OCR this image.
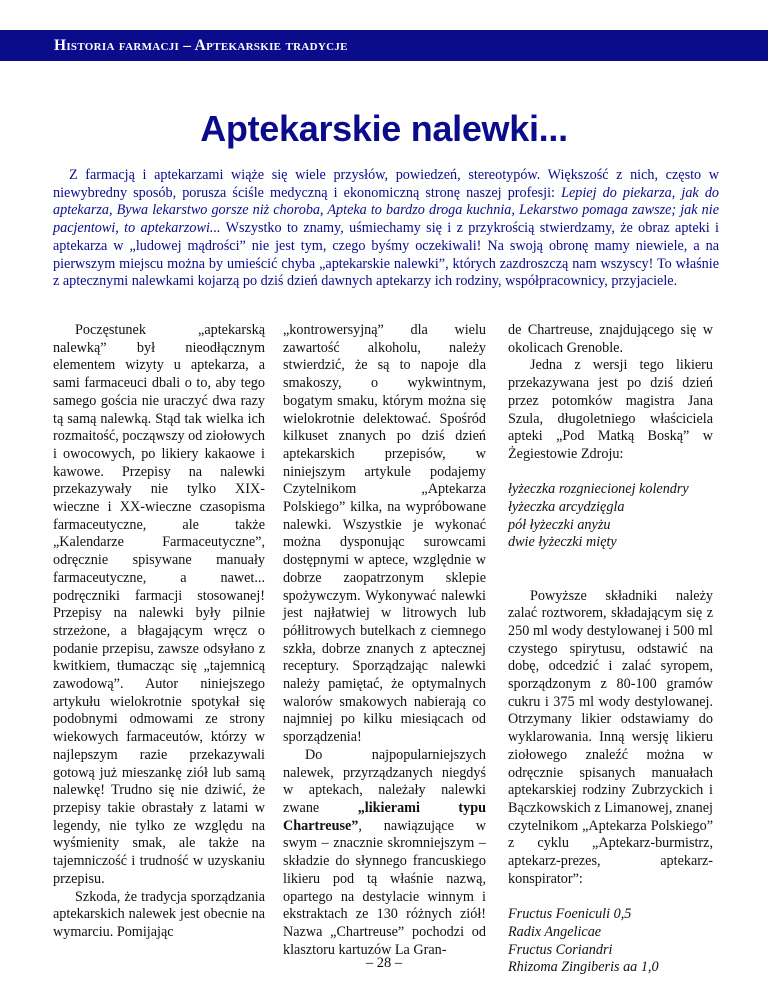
Historia farmacji – Aptekarskie tradycje
Aptekarskie nalewki...

Z farmacją i aptekarzami wiąże się wiele przysłów, powiedzeń, stereotypów. Większość z nich, często w niewybredny sposób, porusza ściśle medyczną i ekonomiczną stronę naszej profesji: Lepiej do piekarza, jak do aptekarza, Bywa lekarstwo gorsze niż choroba, Apteka to bardzo droga kuchnia, Lekarstwo pomaga zawsze; jak nie pacjentowi, to aptekarzowi... Wszystko to znamy, uśmiechamy się i z przykrością stwierdzamy, że obraz apteki i aptekarza w „ludowej mądrości” nie jest tym, czego byśmy oczekiwali! Na swoją obronę mamy niewiele, a na pierwszym miejscu można by umieścić chyba „aptekarskie nalewki”, których zazdroszczą nam wszyscy! To właśnie z aptecznymi nalewkami kojarzą po dziś dzień dawnych aptekarzy ich rodziny, współpracownicy, przyjaciele.

Poczęstunek „aptekarską nalewką” był nieodłącznym elementem wizyty u aptekarza, a sami farmaceuci dbali o to, aby tego samego gościa nie uraczyć dwa razy tą samą nalewką. Stąd tak wielka ich rozmaitość, począwszy od ziołowych i owocowych, po likiery kakaowe i kawowe. Przepisy na nalewki przekazywały nie tylko XIX-wieczne i XX-wieczne czasopisma farmaceutyczne, ale także „Kalendarze Farmaceutyczne”, odręcznie spisywane manuały farmaceutyczne, a nawet... podręczniki farmacji stosowanej! Przepisy na nalewki były pilnie strzeżone, a błagającym wręcz o podanie przepisu, zawsze odsyłano z kwitkiem, tłumacząc się „tajemnicą zawodową”. Autor niniejszego artykułu wielokrotnie spotykał się podobnymi odmowami ze strony wiekowych farmaceutów, którzy w najlepszym razie przekazywali gotową już mieszankę ziół lub samą nalewkę! Trudno się nie dziwić, że przepisy takie obrastały z latami w legendy, nie tylko ze względu na wyśmienity smak, ale także na tajemniczość i trudność w uzyskaniu przepisu.

Szkoda, że tradycja sporządzania aptekarskich nalewek jest obecnie na wymarciu. Pomijając

„kontrowersyjną” dla wielu zawartość alkoholu, należy stwierdzić, że są to napoje dla smakoszy, o wykwintnym, bogatym smaku, którym można się wielokrotnie delektować. Spośród kilkuset znanych po dziś dzień aptekarskich przepisów, w niniejszym artykule podajemy Czytelnikom „Aptekarza Polskiego” kilka, na wypróbowane nalewki. Wszystkie je wykonać można dysponując surowcami dostępnymi w aptece, względnie w dobrze zaopatrzonym sklepie spożywczym. Wykonywać nalewki jest najłatwiej w litrowych lub półlitrowych butelkach z ciemnego szkła, dobrze znanych z aptecznej receptury. Sporządzając nalewki należy pamiętać, że optymalnych walorów smakowych nabierają co najmniej po kilku miesiącach od sporządzenia!

Do najpopularniejszych nalewek, przyrządzanych niegdyś w aptekach, należały nalewki zwane „likierami typu Chartreuse”, nawiązujące w swym – znacznie skromniejszym – składzie do słynnego francuskiego likieru pod tą właśnie nazwą, opartego na destylacie winnym i ekstraktach ze 130 różnych ziół! Nazwa „Chartreuse” pochodzi od klasztoru kartuzów La Gran-

de Chartreuse, znajdującego się w okolicach Grenoble.

Jedna z wersji tego likieru przekazywana jest po dziś dzień przez potomków magistra Jana Szula, długoletniego właściciela apteki „Pod Matką Boską” w Żegiestowie Zdroju:

łyżeczka rozgniecionej kolendry
łyżeczka arcydzięgla
pół łyżeczki anyżu
dwie łyżeczki mięty

Powyższe składniki należy zalać roztworem, składającym się z 250 ml wody destylowanej i 500 ml czystego spirytusu, odstawić na dobę, odcedzić i zalać syropem, sporządzonym z 80-100 gramów cukru i 375 ml wody destylowanej. Otrzymany likier odstawiamy do wyklarowania. Inną wersję likieru ziołowego znaleźć można w odręcznie spisanych manuałach aptekarskiej rodziny Zubrzyckich i Bączkowskich z Limanowej, znanej czytelnikom „Aptekarza Polskiego” z cyklu „Aptekarz-burmistrz, aptekarz-prezes, aptekarz-konspirator”:

Fructus Foeniculi 0,5
Radix Angelicae
Fructus Coriandri
Rhizoma Zingiberis aa 1,0
– 28 –
